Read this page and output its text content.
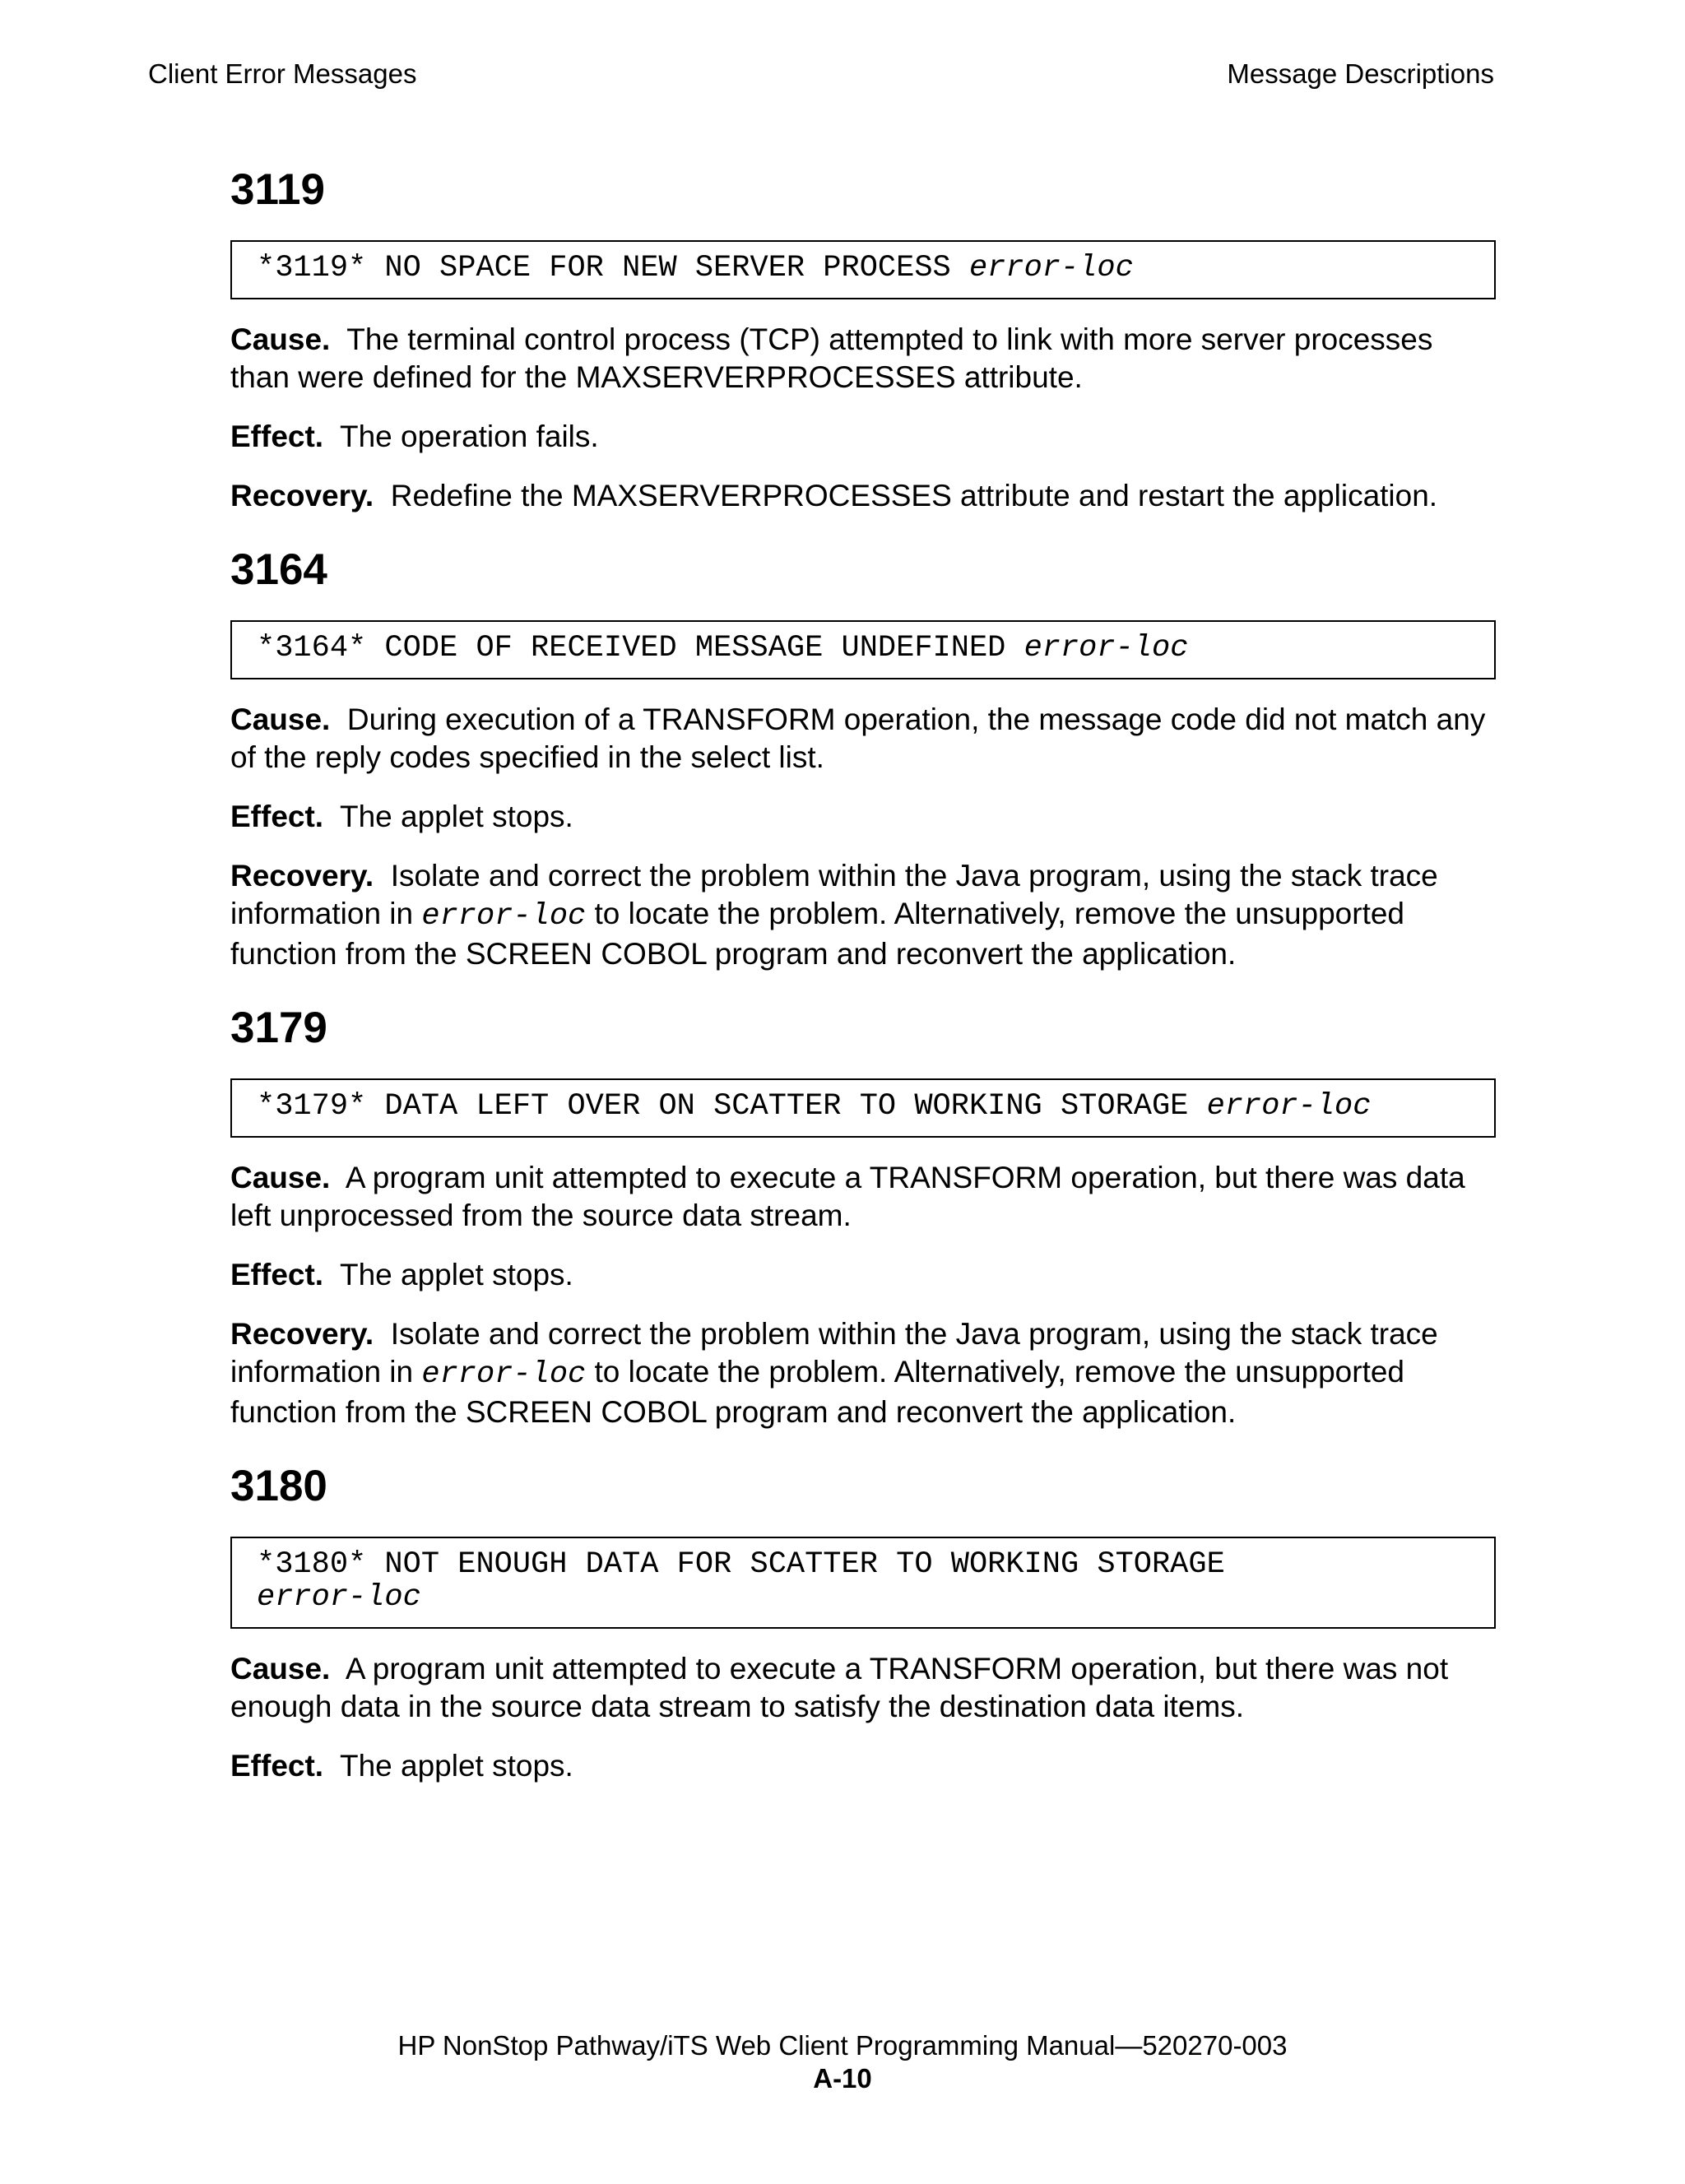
Client Error Messages	Message Descriptions
3119
*3119* NO SPACE FOR NEW SERVER PROCESS error-loc

Cause. The terminal control process (TCP) attempted to link with more server processes than were defined for the MAXSERVERPROCESSES attribute.

Effect. The operation fails.

Recovery. Redefine the MAXSERVERPROCESSES attribute and restart the application.

3164
*3164* CODE OF RECEIVED MESSAGE UNDEFINED error-loc

Cause. During execution of a TRANSFORM operation, the message code did not match any of the reply codes specified in the select list.

Effect. The applet stops.

Recovery. Isolate and correct the problem within the Java program, using the stack trace information in error-loc to locate the problem. Alternatively, remove the unsupported function from the SCREEN COBOL program and reconvert the application.

3179
*3179* DATA LEFT OVER ON SCATTER TO WORKING STORAGE error-loc

Cause. A program unit attempted to execute a TRANSFORM operation, but there was data left unprocessed from the source data stream.

Effect. The applet stops.

Recovery. Isolate and correct the problem within the Java program, using the stack trace information in error-loc to locate the problem. Alternatively, remove the unsupported function from the SCREEN COBOL program and reconvert the application.

3180
*3180* NOT ENOUGH DATA FOR SCATTER TO WORKING STORAGE
error-loc

Cause. A program unit attempted to execute a TRANSFORM operation, but there was not enough data in the source data stream to satisfy the destination data items.

Effect. The applet stops.

HP NonStop Pathway/iTS Web Client Programming Manual—520270-003
A-10
